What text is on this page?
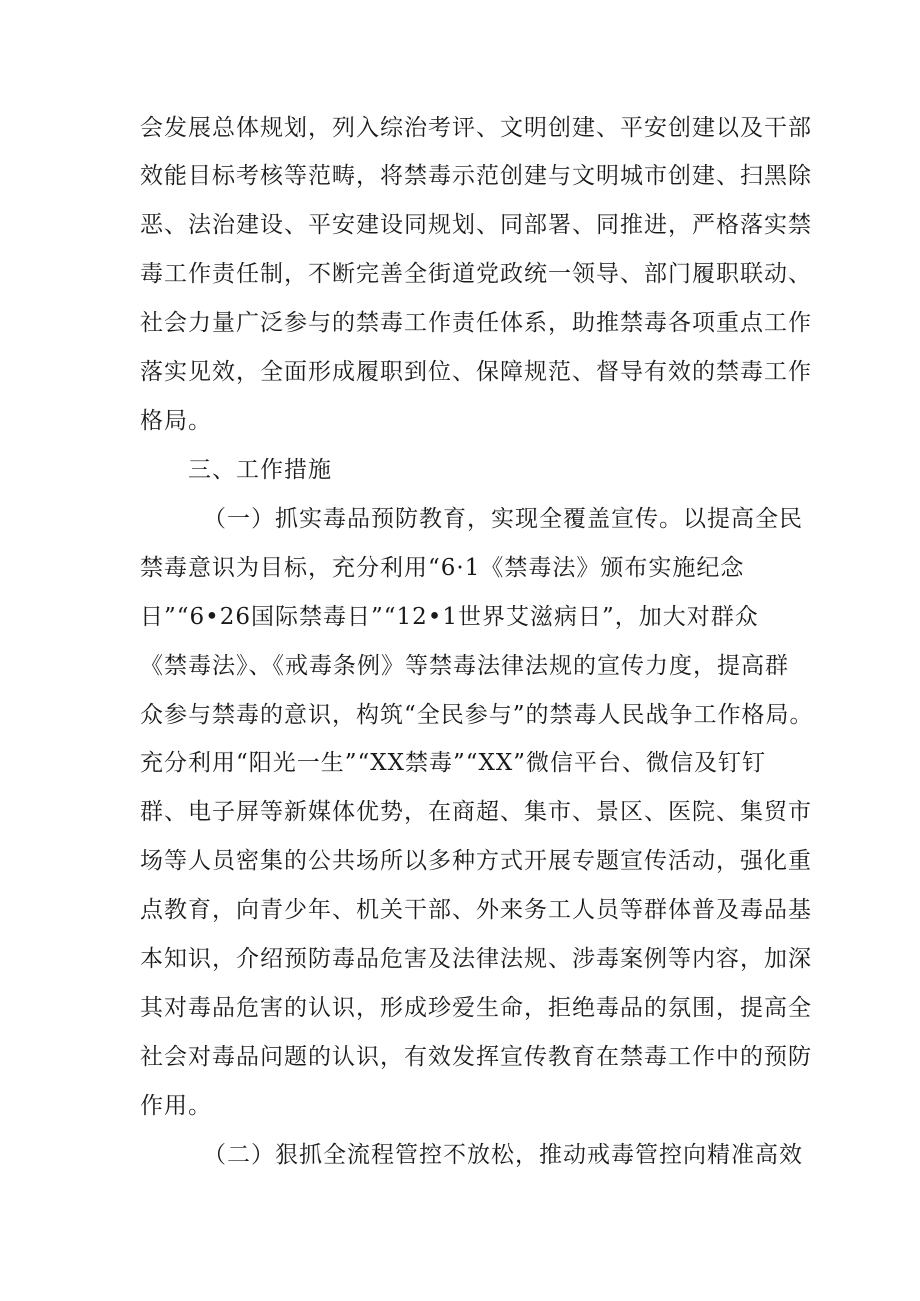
会发展总体规划，列入综治考评、文明创建、平安创建以及干部
效能目标考核等范畴，将禁毒示范创建与文明城市创建、扫黑除
恶、法治建设、平安建设同规划、同部署、同推进，严格落实禁
毒工作责任制，不断完善全街道党政统一领导、部门履职联动、
社会力量广泛参与的禁毒工作责任体系，助推禁毒各项重点工作
落实见效，全面形成履职到位、保障规范、督导有效的禁毒工作
格局。
三、工作措施
（一）抓实毒品预防教育，实现全覆盖宣传。以提高全民
禁毒意识为目标，充分利用“6·1《禁毒法》颁布实施纪念
日”“6•26国际禁毒日”“12•1世界艾滋病日”，加大对群众
《禁毒法》、《戒毒条例》等禁毒法律法规的宣传力度，提高群
众参与禁毒的意识，构筑“全民参与”的禁毒人民战争工作格局。
充分利用“阳光一生”“XX禁毒”“XX”微信平台、微信及钉钉
群、电子屏等新媒体优势，在商超、集市、景区、医院、集贸市
场等人员密集的公共场所以多种方式开展专题宣传活动，强化重
点教育，向青少年、机关干部、外来务工人员等群体普及毒品基
本知识，介绍预防毒品危害及法律法规、涉毒案例等内容，加深
其对毒品危害的认识，形成珍爱生命，拒绝毒品的氛围，提高全
社会对毒品问题的认识，有效发挥宣传教育在禁毒工作中的预防
作用。
（二）狠抓全流程管控不放松，推动戒毒管控向精准高效
